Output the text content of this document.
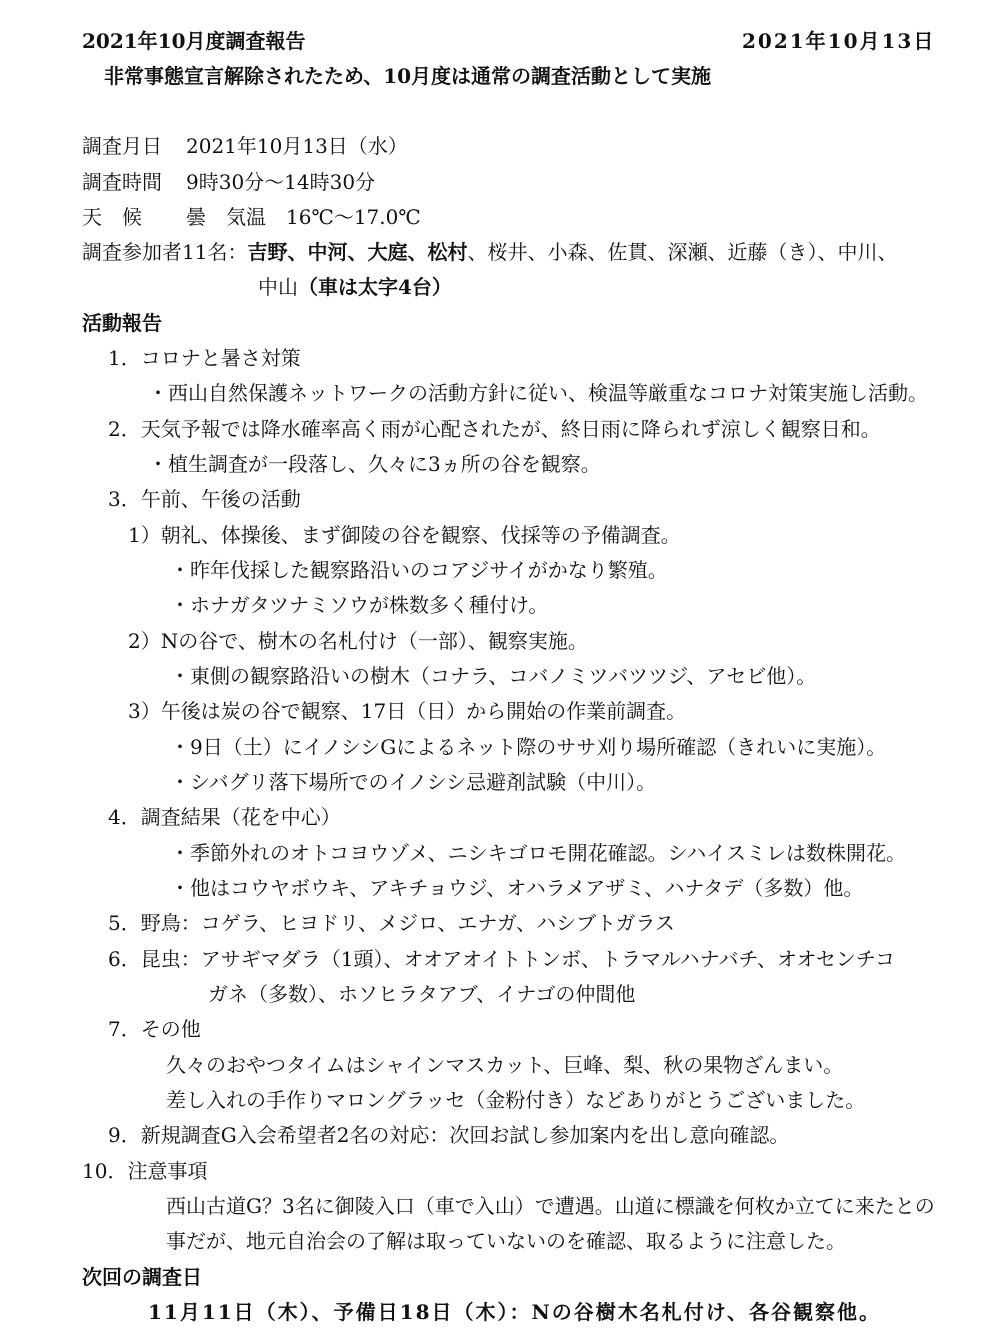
2021年10月度調査報告	2021年10月13日
非常事態宣言解除されたため、10月度は通常の調査活動として実施
調査月日 2021年10月13日（水）
調査時間 9時30分～14時30分
天　候 曇　気温　16℃～17.0℃
調査参加者11名：吉野、中河、大庭、松村、桜井、小森、佐貫、深瀬、近藤（き）、中川、
中山（車は太字4台）
活動報告
1．コロナと暑さ対策
・西山自然保護ネットワークの活動方針に従い、検温等厳重なコロナ対策実施し活動。
2．天気予報では降水確率高く雨が心配されたが、終日雨に降られず涼しく観察日和。
・植生調査が一段落し、久々に3ヵ所の谷を観察。
3．午前、午後の活動
1）朝礼、体操後、まず御陵の谷を観察、伐採等の予備調査。
・昨年伐採した観察路沿いのコアジサイがかなり繁殖。
・ホナガタツナミソウが株数多く種付け。
2）Nの谷で、樹木の名札付け（一部）、観察実施。
・東側の観察路沿いの樹木（コナラ、コバノミツバツツジ、アセビ他）。
3）午後は炭の谷で観察、17日（日）から開始の作業前調査。
・9日（土）にイノシシGによるネット際のササ刈り場所確認（きれいに実施）。
・シバグリ落下場所でのイノシシ忌避剤試験（中川）。
4．調査結果（花を中心）
・季節外れのオトコヨウゾメ、ニシキゴロモ開花確認。シハイスミレは数株開花。
・他はコウヤボウキ、アキチョウジ、オハラメアザミ、ハナタデ（多数）他。
5．野鳥：コゲラ、ヒヨドリ、メジロ、エナガ、ハシブトガラス
6．昆虫：アサギマダラ（1頭）、オオアオイトトンボ、トラマルハナバチ、オオセンチコ
ガネ（多数）、ホソヒラタアブ、イナゴの仲間他
7．その他
久々のおやつタイムはシャインマスカット、巨峰、梨、秋の果物ざんまい。
差し入れの手作りマロングラッセ（金粉付き）などありがとうございました。
9．新規調査G入会希望者2名の対応：次回お試し参加案内を出し意向確認。
10．注意事項
西山古道G？3名に御陵入口（車で入山）で遭遇。山道に標識を何枚か立てに来たとの
事だが、地元自治会の了解は取っていないのを確認、取るように注意した。
次回の調査日
11月11日（木）、予備日18日（木）：Nの谷樹木名札付け、各谷観察他。
